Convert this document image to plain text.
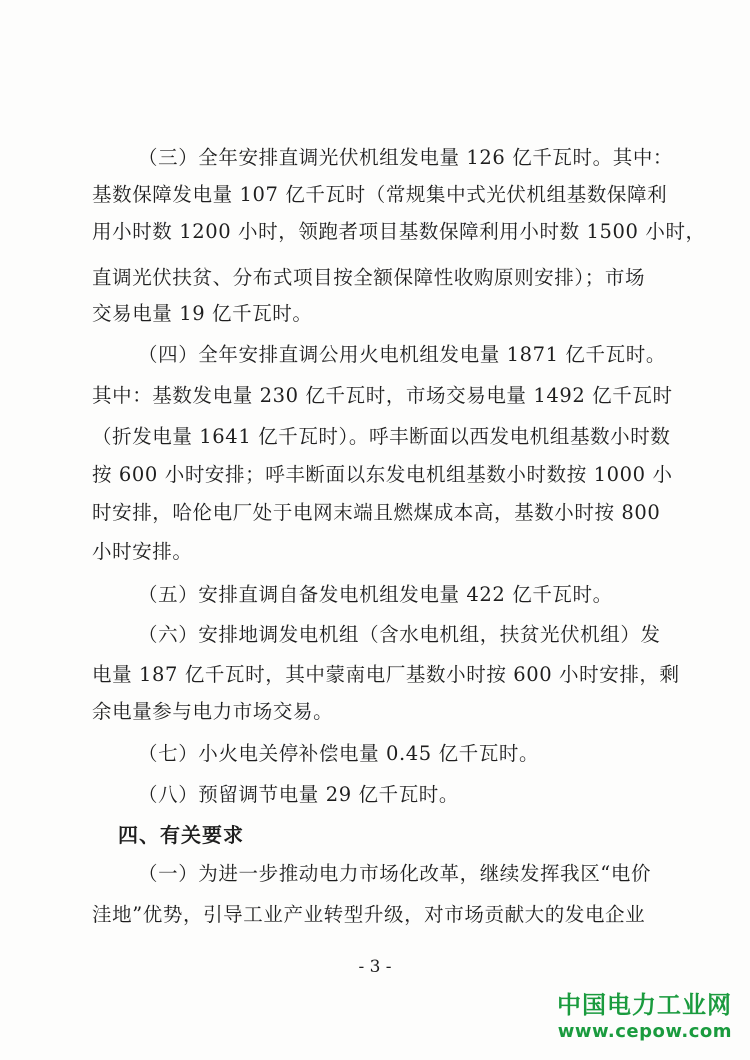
（三）全年安排直调光伏机组发电量 126 亿千瓦时。其中：
基数保障发电量 107 亿千瓦时（常规集中式光伏机组基数保障利
用小时数 1200 小时，领跑者项目基数保障利用小时数 1500 小时，
直调光伏扶贫、分布式项目按全额保障性收购原则安排）；市场
交易电量 19 亿千瓦时。
（四）全年安排直调公用火电机组发电量 1871 亿千瓦时。
其中：基数发电量 230 亿千瓦时，市场交易电量 1492 亿千瓦时
（折发电量 1641 亿千瓦时）。呼丰断面以西发电机组基数小时数
按 600 小时安排；呼丰断面以东发电机组基数小时数按 1000 小
时安排，哈伦电厂处于电网末端且燃煤成本高，基数小时按 800
小时安排。
（五）安排直调自备发电机组发电量 422 亿千瓦时。
（六）安排地调发电机组（含水电机组，扶贫光伏机组）发
电量 187 亿千瓦时，其中蒙南电厂基数小时按 600 小时安排，剩
余电量参与电力市场交易。
（七）小火电关停补偿电量 0.45 亿千瓦时。
（八）预留调节电量 29 亿千瓦时。
四、有关要求
（一）为进一步推动电力市场化改革，继续发挥我区“电价
洼地”优势，引导工业产业转型升级，对市场贡献大的发电企业
- 3 -
中国电力工业网
www.cepow.com
